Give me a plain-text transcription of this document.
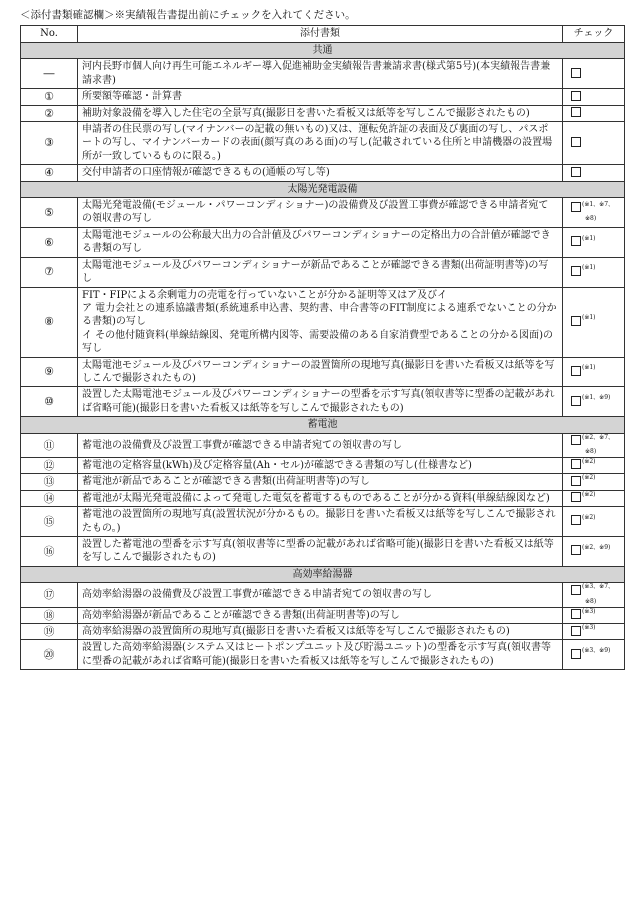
＜添付書類確認欄＞※実績報告書提出前にチェックを入れてください。
No.	添付書類	チェック
共通		
―	河内長野市個人向け再生可能エネルギー導入促進補助金実績報告書兼請求書(様式第5号)(本実績報告書兼請求書)	
①	所要額等確認・計算書	
②	補助対象設備を導入した住宅の全景写真(撮影日を書いた看板又は紙等を写しこんで撮影されたもの)	
③	申請者の住民票の写し(マイナンバーの記載の無いもの)又は、運転免許証の表面及び裏面の写し、パスポートの写し、マイナンバーカードの表面(顔写真のある面)の写し(記載されている住所と申請機器の設置場所が一致しているものに限る。)	
④	交付申請者の口座情報が確認できるもの(通帳の写し等)	
太陽光発電設備		
⑤	太陽光発電設備(モジュール・パワーコンディショナー)の設備費及び設置工事費が確認できる申請者宛ての領収書の写し	$^{(※1、※7、}$
※8)

⑥	太陽電池モジュールの公称最大出力の合計値及びパワーコンディショナーの定格出力の合計値が確認できる書類の写し	$^{(※1)}$
⑦	太陽電池モジュール及びパワーコンディショナーが新品であることが確認できる書類(出荷証明書等)の写し	$^{(※1)}$
⑧	FIT・FIPによる余剰電力の売電を行っていないことが分かる証明等又はア及びイ
ア 電力会社との連系協議書類(系統連系申込書、契約書、申合書等のFIT制度による連系でないことの分かる書類)の写し
イ その他付随資料(単線結線図、発電所構内図等、需要設備のある自家消費型であることの分かる図面)の写し	$^{(※1)}$
⑨	太陽電池モジュール及びパワーコンディショナーの設置箇所の現地写真(撮影日を書いた看板又は紙等を写しこんで撮影されたもの)	$^{(※1)}$
⑩	設置した太陽電池モジュール及びパワーコンディショナーの型番を示す写真(領収書等に型番の記載があれば省略可能)(撮影日を書いた看板又は紙等を写しこんで撮影されたもの)	$^{(※1、※9)}$
蓄電池		
⑪	蓄電池の設備費及び設置工事費が確認できる申請者宛ての領収書の写し	$^{(※2、※7、}$
※8)

⑫	蓄電池の定格容量(kWh)及び定格容量(Ah・セル)が確認できる書類の写し(仕様書など)	$^{(※2)}$
⑬	蓄電池が新品であることが確認できる書類(出荷証明書等)の写し	$^{(※2)}$
⑭	蓄電池が太陽光発電設備によって発電した電気を蓄電するものであることが分かる資料(単線結線図など)	$^{(※2)}$
⑮	蓄電池の設置箇所の現地写真(設置状況が分かるもの。撮影日を書いた看板又は紙等を写しこんで撮影されたもの。)	$^{(※2)}$
⑯	設置した蓄電池の型番を示す写真(領収書等に型番の記載があれば省略可能)(撮影日を書いた看板又は紙等を写しこんで撮影されたもの)	$^{(※2、※9)}$
高効率給湯器		
⑰	高効率給湯器の設備費及び設置工事費が確認できる申請者宛ての領収書の写し	$^{(※3、※7、}$
※8)

⑱	高効率給湯器が新品であることが確認できる書類(出荷証明書等)の写し	$^{(※3)}$
⑲	高効率給湯器の設置箇所の現地写真(撮影日を書いた看板又は紙等を写しこんで撮影されたもの)	$^{(※3)}$
⑳	設置した高効率給湯器(システム又はヒートポンプユニット及び貯湯ユニット)の型番を示す写真(領収書等に型番の記載があれば省略可能)(撮影日を書いた看板又は紙等を写しこんで撮影されたもの)	$^{(※3、※9)}$
